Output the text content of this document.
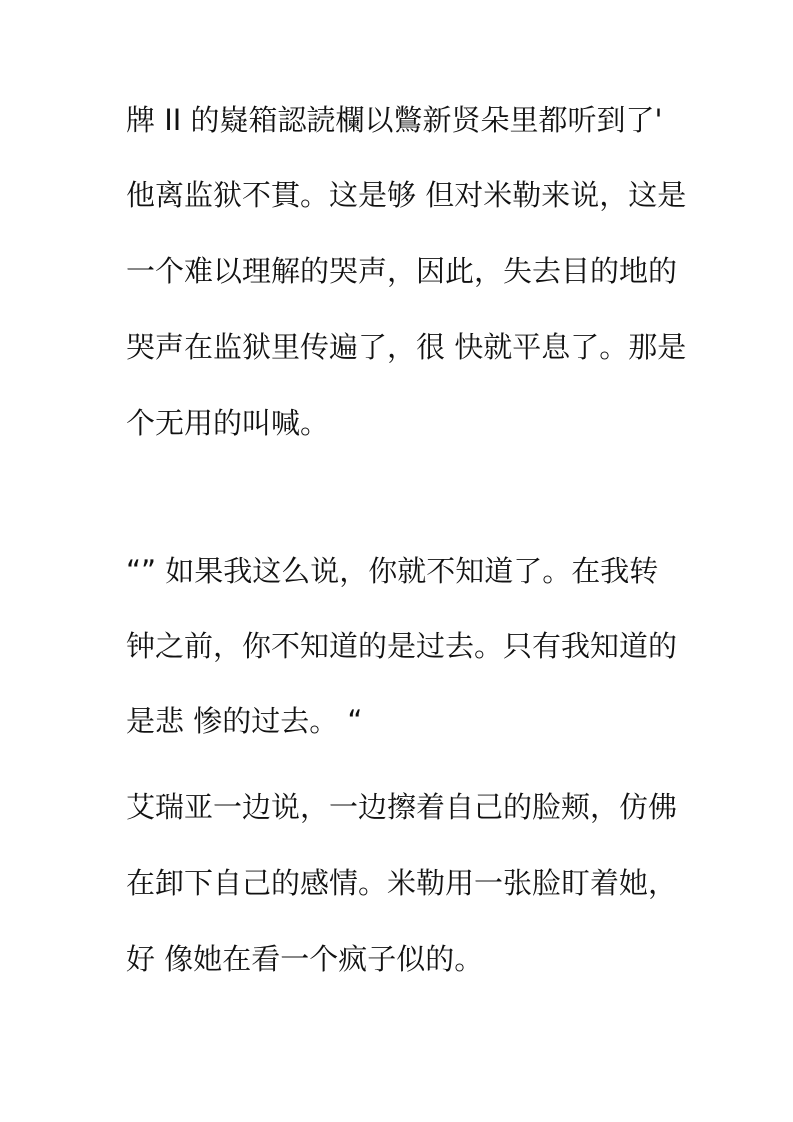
牌 II 的嶷箱認読欄以鷩新贤朵里都听到了'
他离监狱不貫。这是够 但对米勒来说，这是
一个难以理解的哭声，因此，失去目的地的
哭声在监狱里传遍了，很 快就平息了。那是
个无用的叫喊。
“” 如果我这么说，你就不知道了。在我转
钟之前，你不知道的是过去。只有我知道的
是悲 惨的过去。 “
艾瑞亚一边说，一边擦着自己的脸颊，仿佛
在卸下自己的感情。米勒用一张脸盯着她，
好 像她在看一个疯子似的。
